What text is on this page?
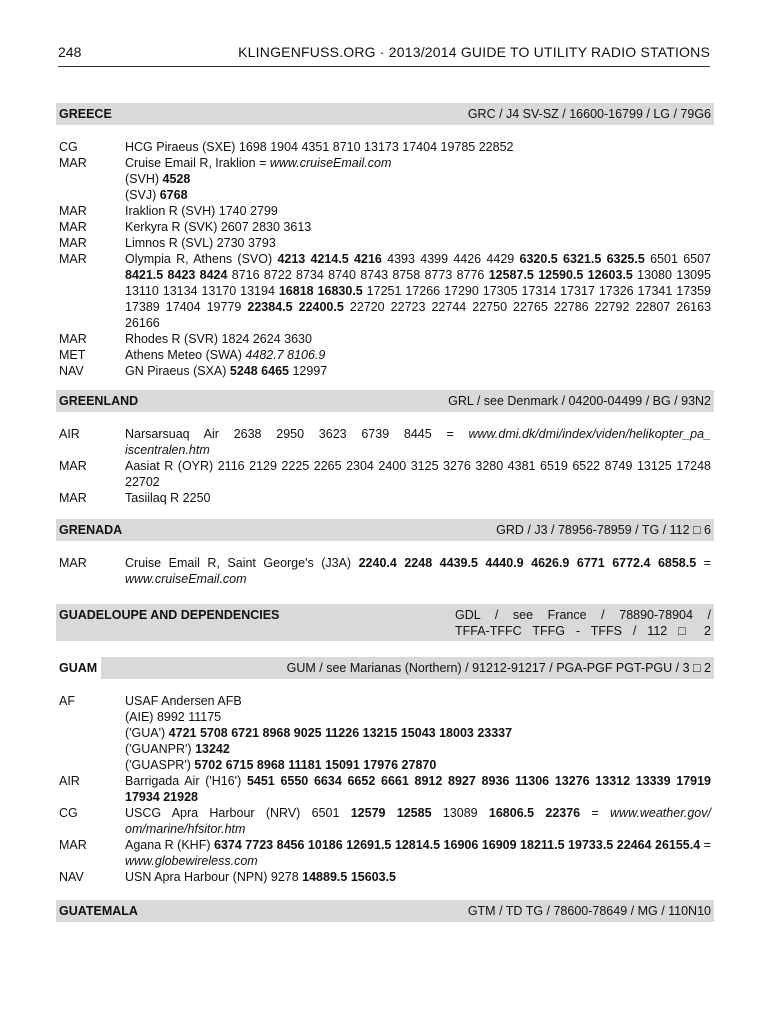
248	KLINGENFUSS.ORG · 2013/2014 GUIDE TO UTILITY RADIO STATIONS
GREECE	GRC / J4 SV-SZ / 16600-16799 / LG / 79G6
CG	HCG Piraeus (SXE) 1698 1904 4351 8710 13173 17404 19785 22852
MAR	Cruise Email R, Iraklion = www.cruiseEmail.com
(SVH) 4528
(SVJ) 6768
MAR	Iraklion R (SVH) 1740 2799
MAR	Kerkyra R (SVK) 2607 2830 3613
MAR	Limnos R (SVL) 2730 3793
MAR	Olympia R, Athens (SVO) 4213 4214.5 4216 4393 4399 4426 4429 6320.5 6321.5 6325.5 6501 6507 8421.5 8423 8424 8716 8722 8734 8740 8743 8758 8773 8776 12587.5 12590.5 12603.5 13080 13095 13110 13134 13170 13194 16818 16830.5 17251 17266 17290 17305 17314 17317 17326 17341 17359 17389 17404 19779 22384.5 22400.5 22720 22723 22744 22750 22765 22786 22792 22807 26163 26166
MAR	Rhodes R (SVR) 1824 2624 3630
MET	Athens Meteo (SWA) 4482.7 8106.9
NAV	GN Piraeus (SXA) 5248 6465 12997
GREENLAND	GRL / see Denmark / 04200-04499 / BG / 93N2
AIR	Narsarsuaq Air 2638 2950 3623 6739 8445 = www.dmi.dk/dmi/index/viden/helikopter_pa_
iscentralen.htm
MAR	Aasiat R (OYR) 2116 2129 2225 2265 2304 2400 3125 3276 3280 4381 6519 6522 8749 13125 17248 22702
MAR	Tasiilaq R 2250
GRENADA	GRD / J3 / 78956-78959 / TG / 112 □ 6
MAR	Cruise Email R, Saint George's (J3A) 2240.4 2248 4439.5 4440.9 4626.9 6771 6772.4 6858.5 = www.cruiseEmail.com
GUADELOUPE AND DEPENDENCIES	GDL / see France / 78890-78904 /
TFFA-TFFC TFFG - TFFS / 112 □ 2
GUAM	GUM / see Marianas (Northern) / 91212-91217 / PGA-PGF PGT-PGU / 3 □ 2
AF	USAF Andersen AFB
(AIE) 8992 11175
('GUA') 4721 5708 6721 8968 9025 11226 13215 15043 18003 23337
('GUANPR') 13242
('GUASPR') 5702 6715 8968 11181 15091 17976 27870
AIR	Barrigada Air ('H16') 5451 6550 6634 6652 6661 8912 8927 8936 11306 13276 13312 13339 17919 17934 21928
CG	USCG Apra Harbour (NRV) 6501 12579 12585 13089 16806.5 22376 = www.weather.gov/ om/marine/hfsitor.htm
MAR	Agana R (KHF) 6374 7723 8456 10186 12691.5 12814.5 16906 16909 18211.5 19733.5 22464 26155.4 = www.globewireless.com
NAV	USN Apra Harbour (NPN) 9278 14889.5 15603.5
GUATEMALA	GTM / TD TG / 78600-78649 / MG / 110N10
